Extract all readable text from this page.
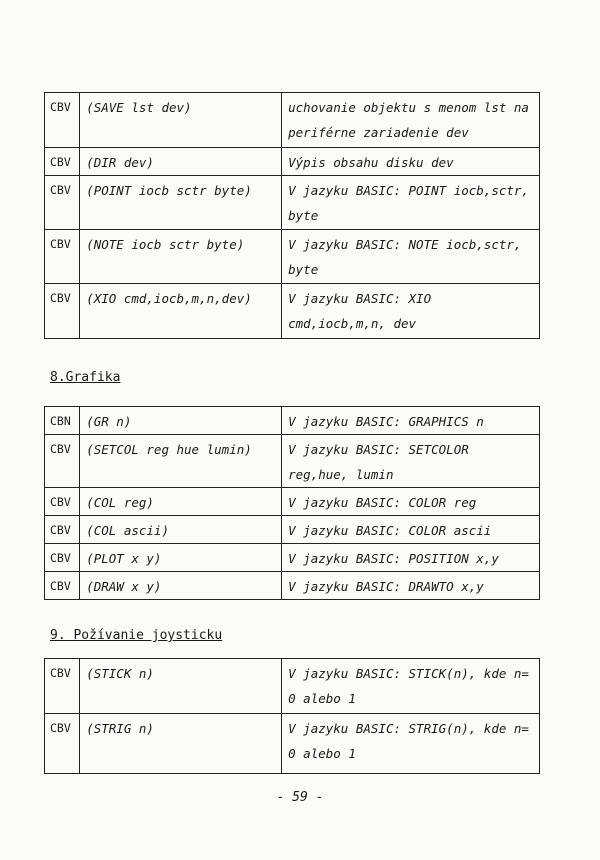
CBV	(SAVE lst dev)	uchovanie objektu s menom lst na periférne zariadenie dev
CBV	(DIR dev)	Výpis obsahu disku dev
CBV	(POINT iocb sctr byte)	V jazyku BASIC: POINT iocb,sctr, byte
CBV	(NOTE iocb sctr byte)	V jazyku BASIC: NOTE iocb,sctr, byte
CBV	(XIO cmd,iocb,m,n,dev)	V jazyku BASIC: XIO cmd,iocb,m,n, dev
8.Grafika
CBN	(GR n)	V jazyku BASIC: GRAPHICS n
CBV	(SETCOL reg hue lumin)	V jazyku BASIC: SETCOLOR reg,hue, lumin
CBV	(COL reg)	V jazyku BASIC: COLOR reg
CBV	(COL ascii)	V jazyku BASIC: COLOR ascii
CBV	(PLOT x y)	V jazyku BASIC: POSITION x,y
CBV	(DRAW x y)	V jazyku BASIC: DRAWTO x,y
9. Požívanie joysticku
CBV	(STICK n)	V jazyku BASIC: STICK(n), kde n= 0 alebo 1
CBV	(STRIG n)	V jazyku BASIC: STRIG(n), kde n= 0 alebo 1
- 59 -
